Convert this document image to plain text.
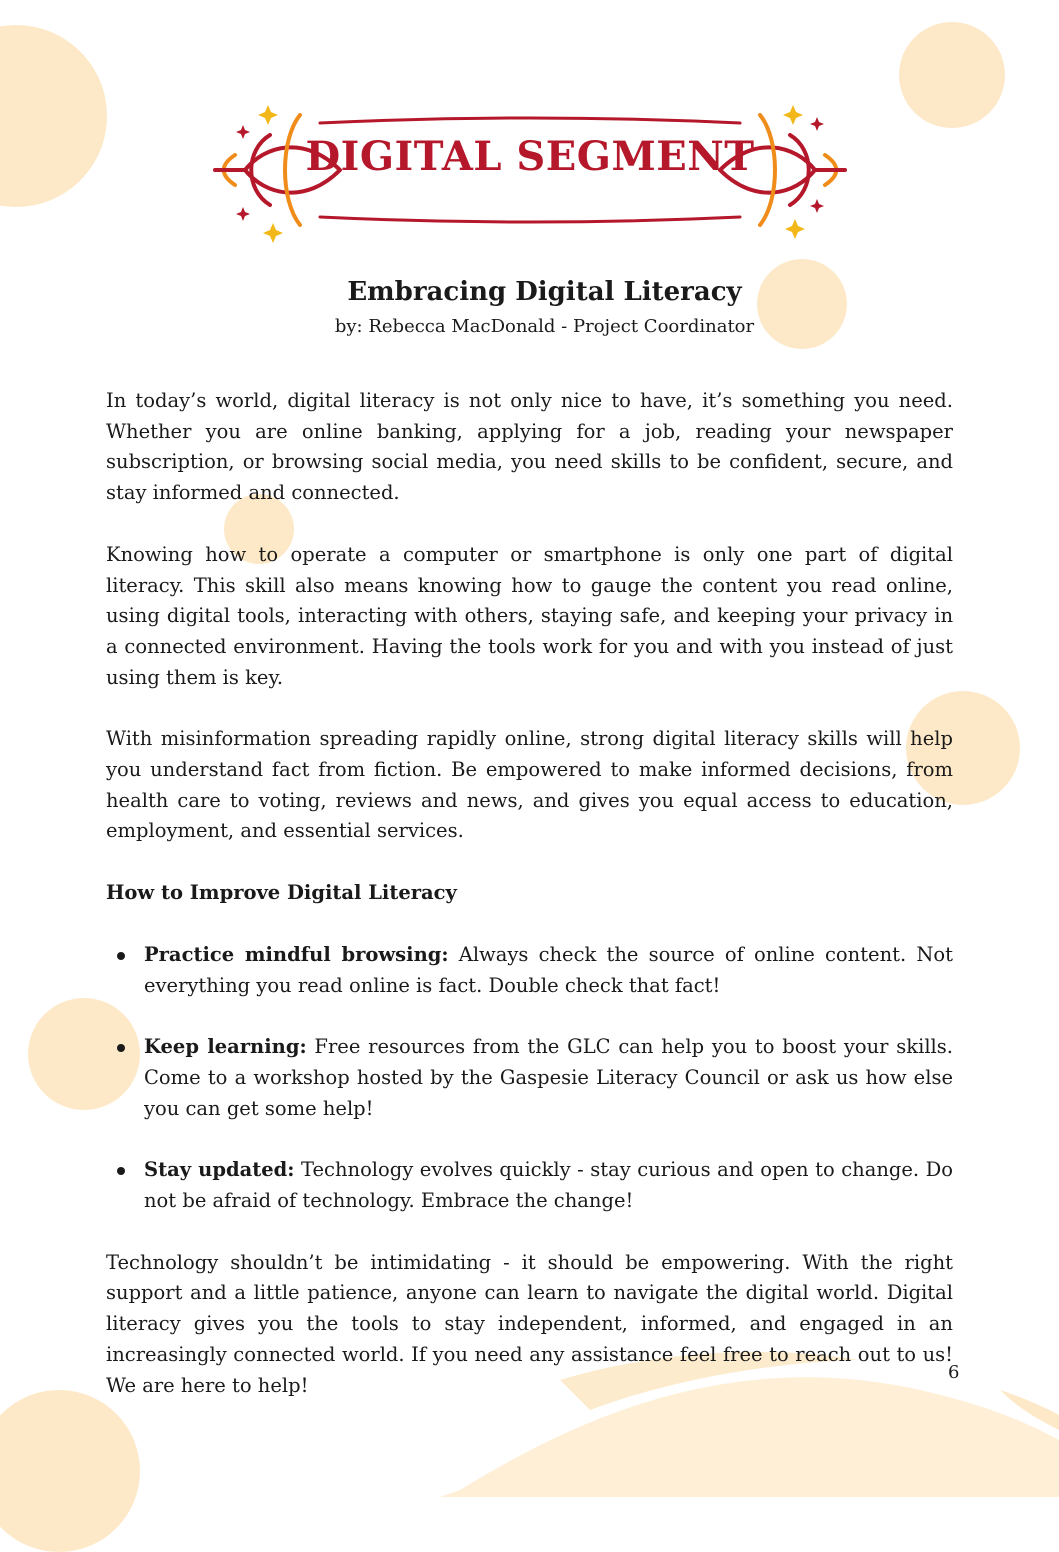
DIGITAL SEGMENT
Embracing Digital Literacy

by: Rebecca MacDonald - Project Coordinator

In today’s world, digital literacy is not only nice to have, it’s something you need. Whether you are online banking, applying for a job, reading your newspaper subscription, or browsing social media, you need skills to be confident, secure, and stay informed and connected.

Knowing how to operate a computer or smartphone is only one part of digital literacy. This skill also means knowing how to gauge the content you read online, using digital tools, interacting with others, staying safe, and keeping your privacy in a connected environment. Having the tools work for you and with you instead of just using them is key.

With misinformation spreading rapidly online, strong digital literacy skills will help you understand fact from fiction. Be empowered to make informed decisions, from health care to voting, reviews and news, and gives you equal access to education, employment, and essential services.

How to Improve Digital Literacy

Practice mindful browsing: Always check the source of online content. Not everything you read online is fact. Double check that fact!
Keep learning: Free resources from the GLC can help you to boost your skills. Come to a workshop hosted by the Gaspesie Literacy Council or ask us how else you can get some help!
Stay updated: Technology evolves quickly - stay curious and open to change. Do not be afraid of technology. Embrace the change!

Technology shouldn’t be intimidating - it should be empowering. With the right support and a little patience, anyone can learn to navigate the digital world. Digital literacy gives you the tools to stay independent, informed, and engaged in an increasingly connected world. If you need any assistance feel free to reach out to us! We are here to help!

6
